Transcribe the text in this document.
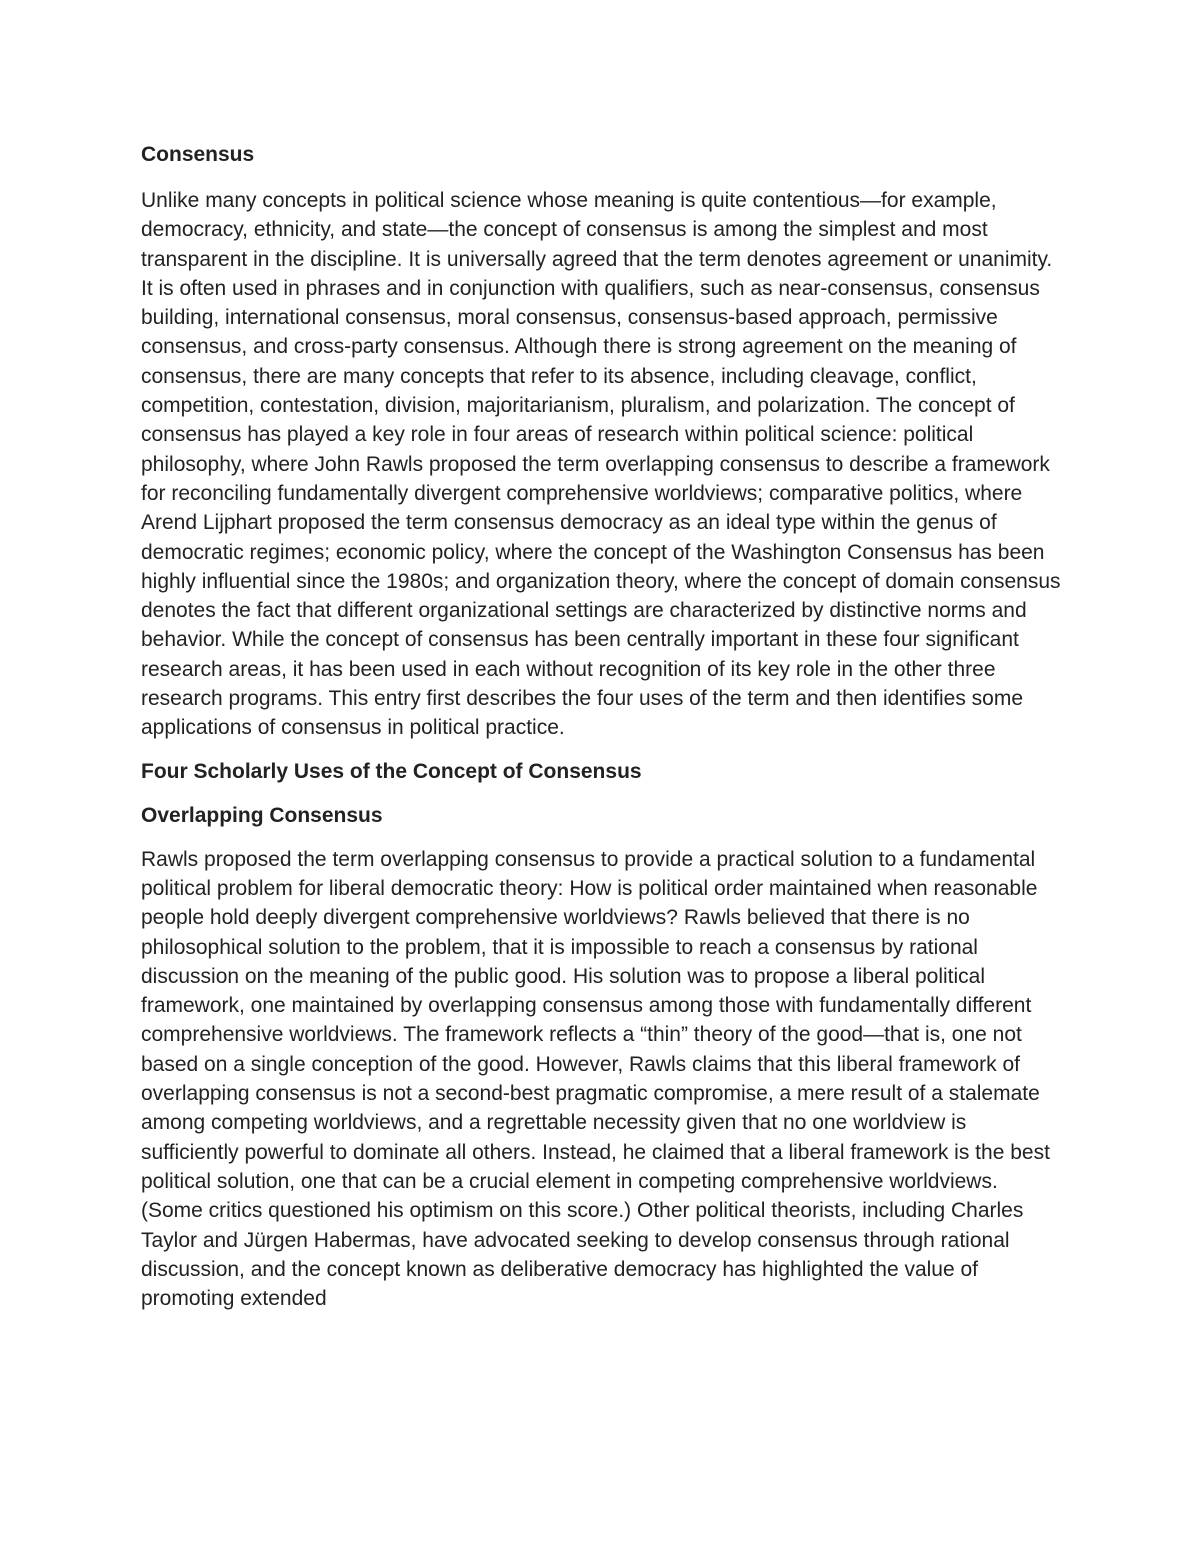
Consensus

Unlike many concepts in political science whose meaning is quite contentious—for example, democracy, ethnicity, and state—the concept of consensus is among the simplest and most transparent in the discipline. It is universally agreed that the term denotes agreement or unanimity. It is often used in phrases and in conjunction with qualifiers, such as near-consensus, consensus building, international consensus, moral consensus, consensus-based approach, permissive consensus, and cross-party consensus. Although there is strong agreement on the meaning of consensus, there are many concepts that refer to its absence, including cleavage, conflict, competition, contestation, division, majoritarianism, pluralism, and polarization. The concept of consensus has played a key role in four areas of research within political science: political philosophy, where John Rawls proposed the term overlapping consensus to describe a framework for reconciling fundamentally divergent comprehensive worldviews; comparative politics, where Arend Lijphart proposed the term consensus democracy as an ideal type within the genus of democratic regimes; economic policy, where the concept of the Washington Consensus has been highly influential since the 1980s; and organization theory, where the concept of domain consensus denotes the fact that different organizational settings are characterized by distinctive norms and behavior. While the concept of consensus has been centrally important in these four significant research areas, it has been used in each without recognition of its key role in the other three research programs. This entry first describes the four uses of the term and then identifies some applications of consensus in political practice.

Four Scholarly Uses of the Concept of Consensus
Overlapping Consensus

Rawls proposed the term overlapping consensus to provide a practical solution to a fundamental political problem for liberal democratic theory: How is political order maintained when reasonable people hold deeply divergent comprehensive worldviews? Rawls believed that there is no philosophical solution to the problem, that it is impossible to reach a consensus by rational discussion on the meaning of the public good. His solution was to propose a liberal political framework, one maintained by overlapping consensus among those with fundamentally different comprehensive worldviews. The framework reflects a “thin” theory of the good—that is, one not based on a single conception of the good. However, Rawls claims that this liberal framework of overlapping consensus is not a second-best pragmatic compromise, a mere result of a stalemate among competing worldviews, and a regrettable necessity given that no one worldview is sufficiently powerful to dominate all others. Instead, he claimed that a liberal framework is the best political solution, one that can be a crucial element in competing comprehensive worldviews. (Some critics questioned his optimism on this score.) Other political theorists, including Charles Taylor and Jürgen Habermas, have advocated seeking to develop consensus through rational discussion, and the concept known as deliberative democracy has highlighted the value of promoting extended
